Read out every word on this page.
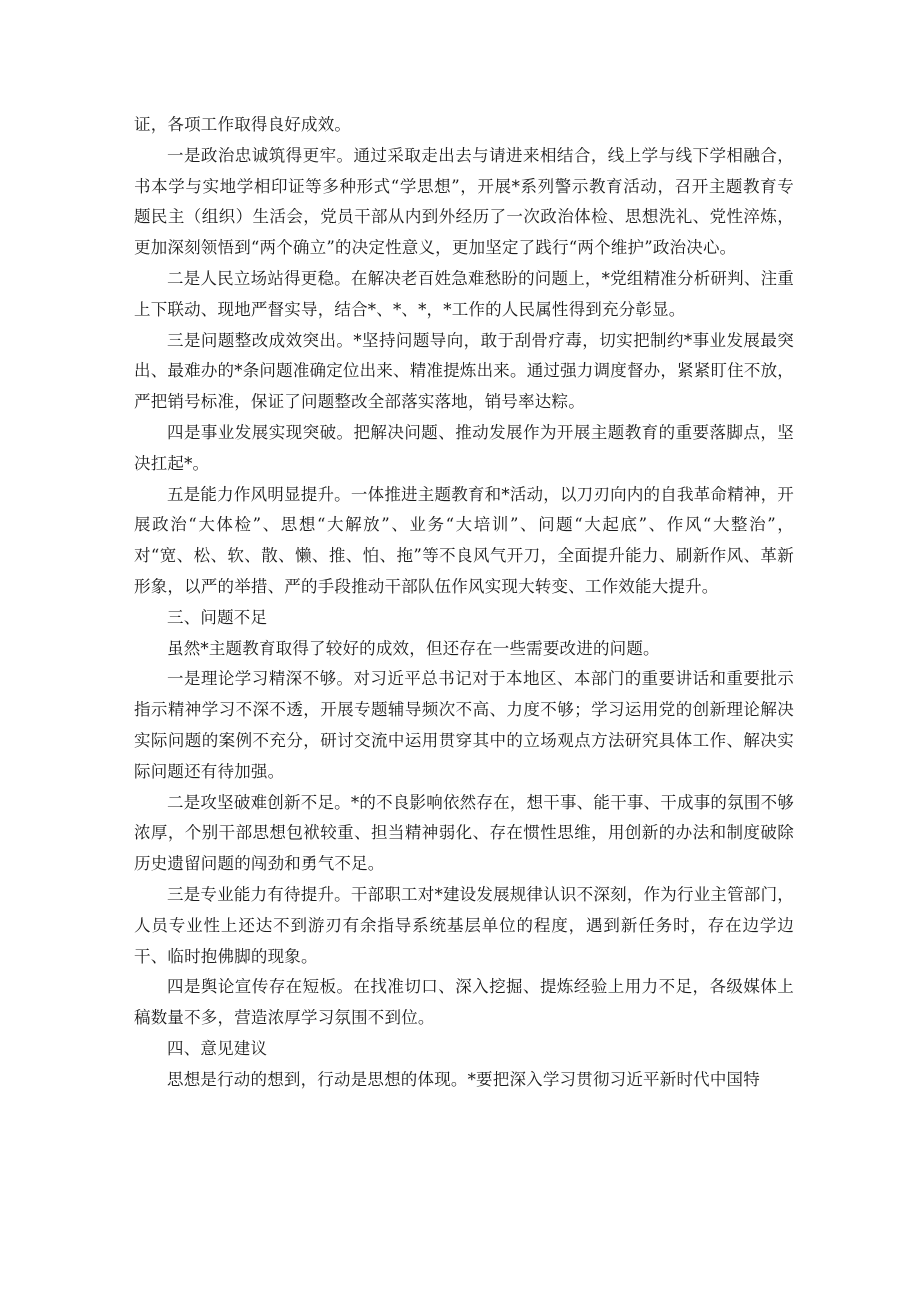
证，各项工作取得良好成效。

一是政治忠诚筑得更牢。通过采取走出去与请进来相结合，线上学与线下学相融合，书本学与实地学相印证等多种形式“学思想”，开展*系列警示教育活动，召开主题教育专题民主（组织）生活会，党员干部从内到外经历了一次政治体检、思想洗礼、党性淬炼，更加深刻领悟到“两个确立”的决定性意义，更加坚定了践行“两个维护”政治决心。

二是人民立场站得更稳。在解决老百姓急难愁盼的问题上，*党组精准分析研判、注重上下联动、现地严督实导，结合*、*、*，*工作的人民属性得到充分彰显。

三是问题整改成效突出。*坚持问题导向，敢于刮骨疗毒，切实把制约*事业发展最突出、最难办的*条问题准确定位出来、精准提炼出来。通过强力调度督办，紧紧盯住不放，严把销号标准，保证了问题整改全部落实落地，销号率达粽。

四是事业发展实现突破。把解决问题、推动发展作为开展主题教育的重要落脚点，坚决扛起*。

五是能力作风明显提升。一体推进主题教育和*活动，以刀刃向内的自我革命精神，开展政治“大体检”、思想“大解放”、业务“大培训”、问题“大起底”、作风“大整治”，对“宽、松、软、散、懒、推、怕、拖”等不良风气开刀，全面提升能力、刷新作风、革新形象，以严的举措、严的手段推动干部队伍作风实现大转变、工作效能大提升。

三、问题不足

虽然*主题教育取得了较好的成效，但还存在一些需要改进的问题。

一是理论学习精深不够。对习近平总书记对于本地区、本部门的重要讲话和重要批示指示精神学习不深不透，开展专题辅导频次不高、力度不够；学习运用党的创新理论解决实际问题的案例不充分，研讨交流中运用贯穿其中的立场观点方法研究具体工作、解决实际问题还有待加强。

二是攻坚破难创新不足。*的不良影响依然存在，想干事、能干事、干成事的氛围不够浓厚，个别干部思想包袱较重、担当精神弱化、存在惯性思维，用创新的办法和制度破除历史遗留问题的闯劲和勇气不足。

三是专业能力有待提升。干部职工对*建设发展规律认识不深刻，作为行业主管部门，人员专业性上还达不到游刃有余指导系统基层单位的程度，遇到新任务时，存在边学边干、临时抱佛脚的现象。

四是舆论宣传存在短板。在找准切口、深入挖掘、提炼经验上用力不足，各级媒体上稿数量不多，营造浓厚学习氛围不到位。

四、意见建议

思想是行动的想到，行动是思想的体现。*要把深入学习贯彻习近平新时代中国特
